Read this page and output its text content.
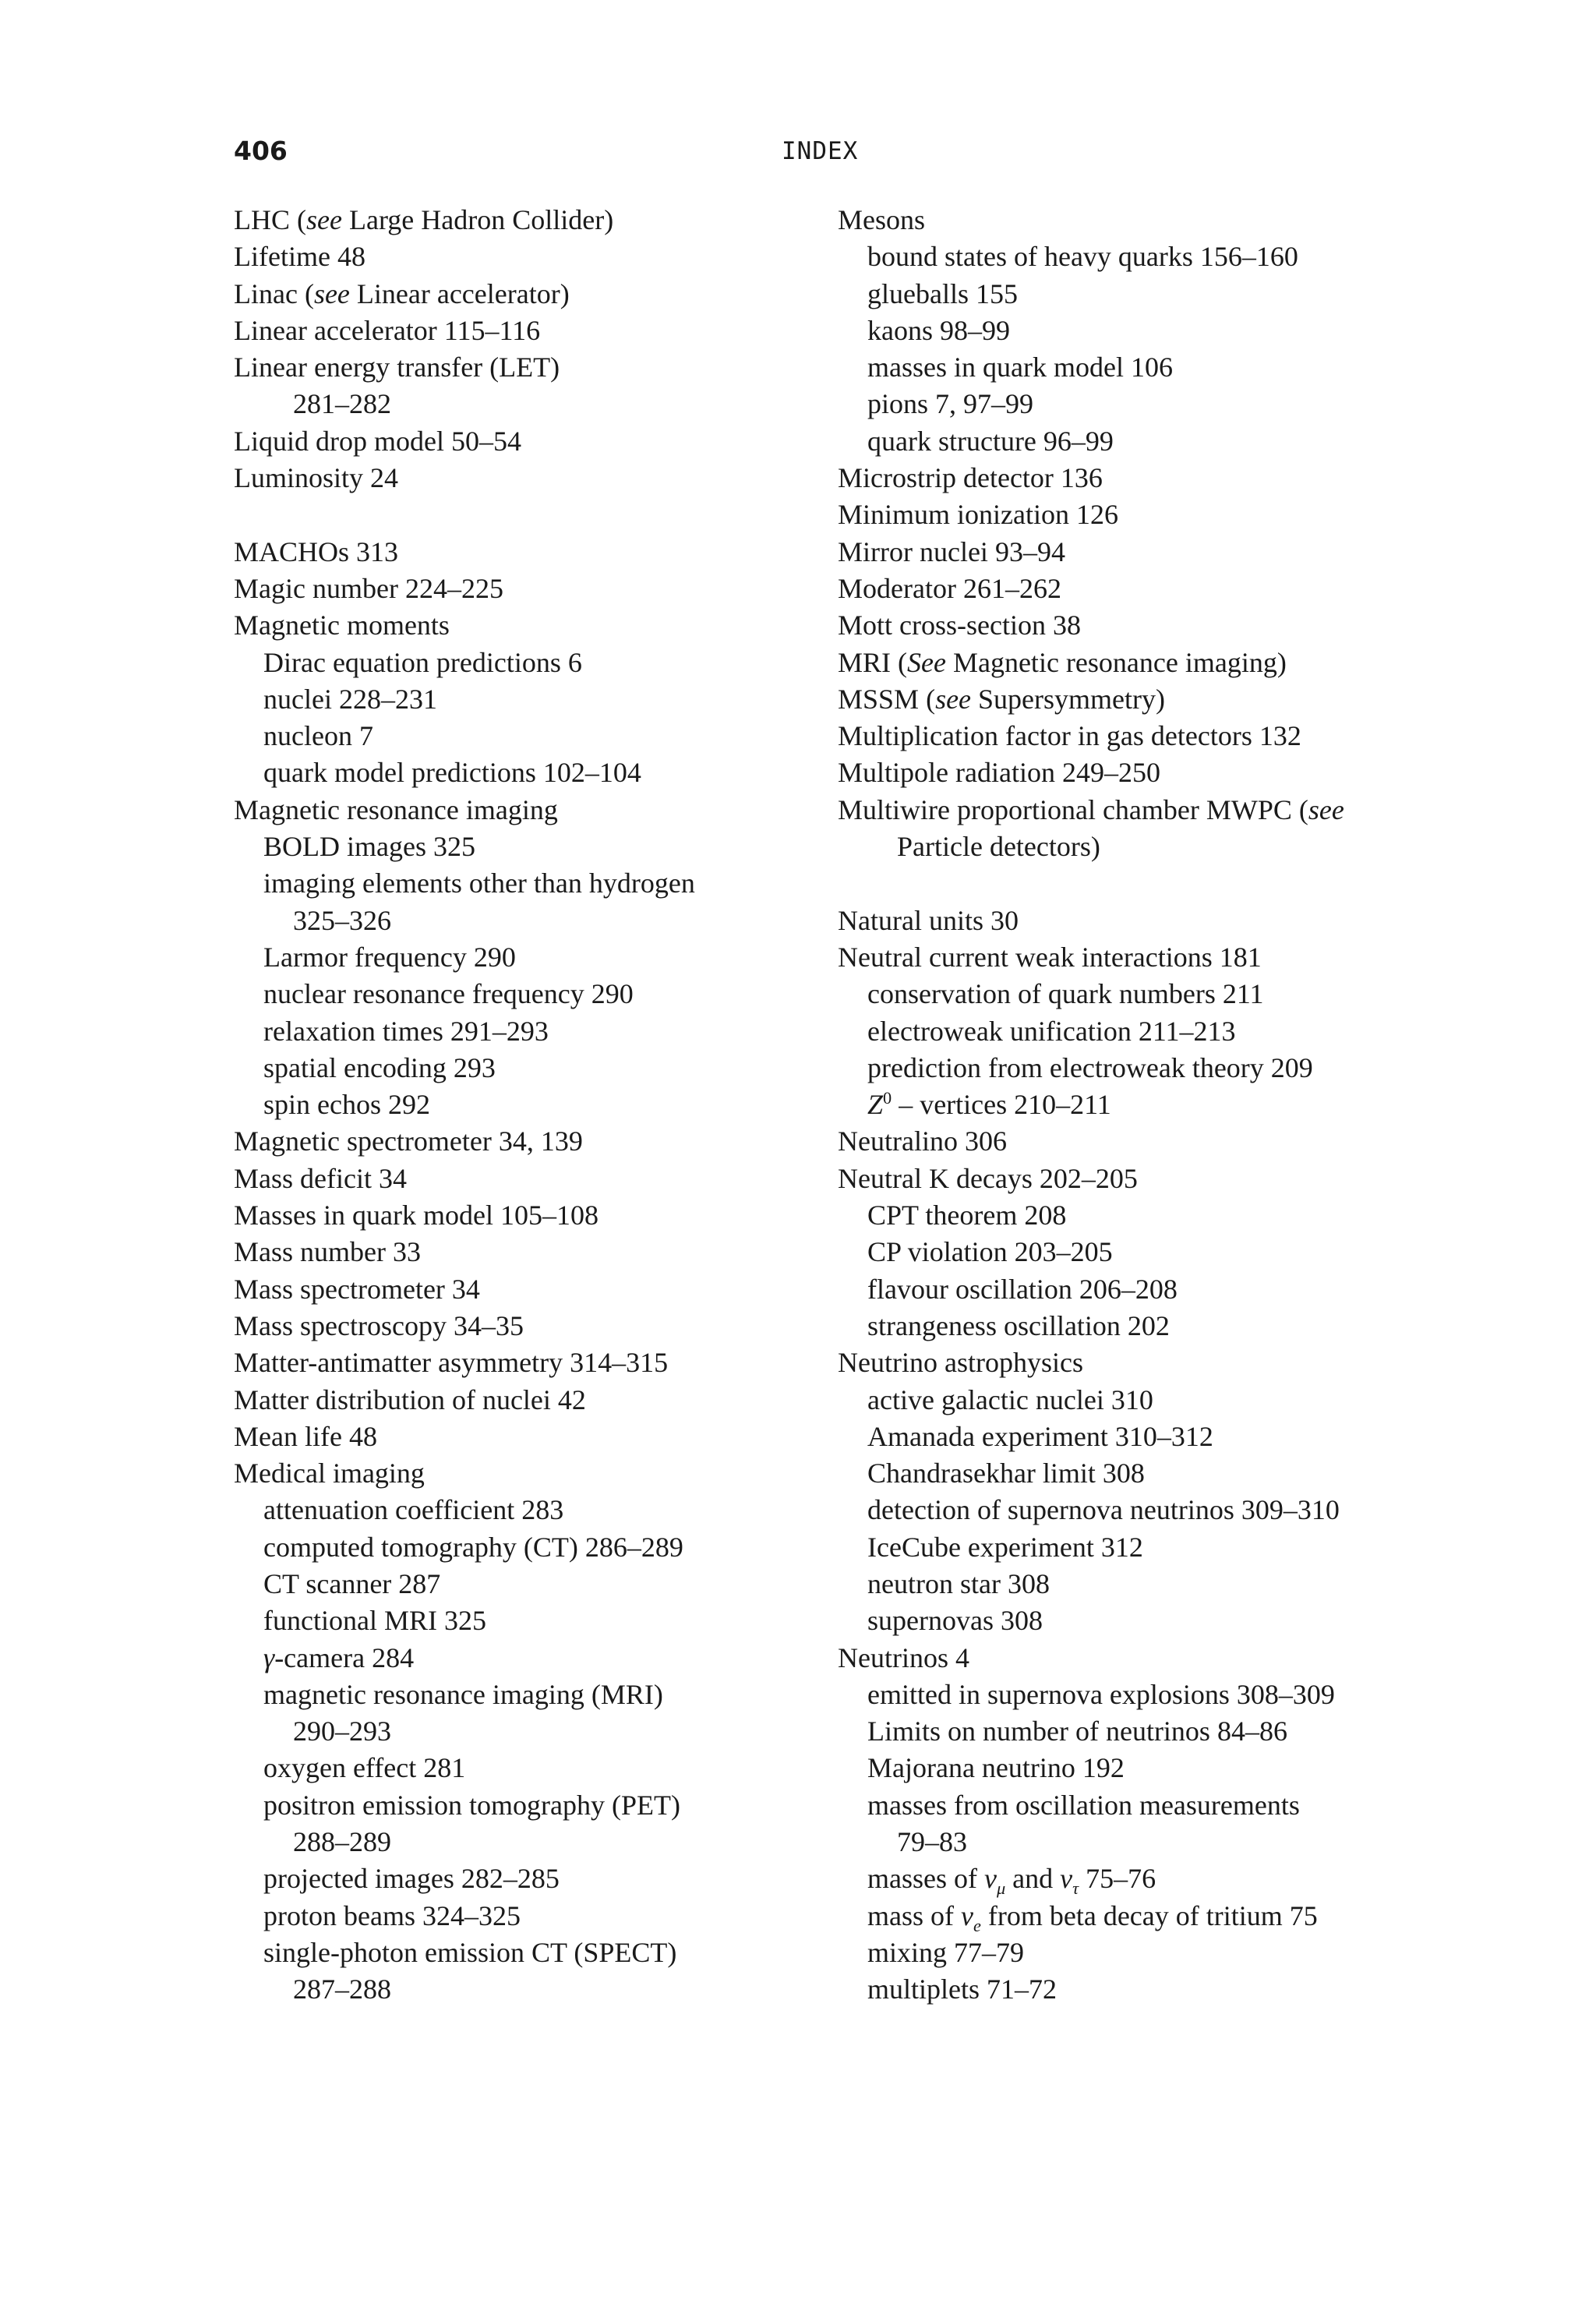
406	INDEX
LHC (see Large Hadron Collider)
Lifetime 48
Linac (see Linear accelerator)
Linear accelerator 115–116
Linear energy transfer (LET)
281–282
Liquid drop model 50–54
Luminosity 24
MACHOs 313
Magic number 224–225
Magnetic moments
Dirac equation predictions 6
nuclei 228–231
nucleon 7
quark model predictions 102–104
Magnetic resonance imaging
BOLD images 325
imaging elements other than hydrogen
325–326
Larmor frequency 290
nuclear resonance frequency 290
relaxation times 291–293
spatial encoding 293
spin echos 292
Magnetic spectrometer 34, 139
Mass deficit 34
Masses in quark model 105–108
Mass number 33
Mass spectrometer 34
Mass spectroscopy 34–35
Matter-antimatter asymmetry 314–315
Matter distribution of nuclei 42
Mean life 48
Medical imaging
attenuation coefficient 283
computed tomography (CT) 286–289
CT scanner 287
functional MRI 325
γ-camera 284
magnetic resonance imaging (MRI)
290–293
oxygen effect 281
positron emission tomography (PET)
288–289
projected images 282–285
proton beams 324–325
single-photon emission CT (SPECT)
287–288
Mesons
bound states of heavy quarks 156–160
glueballs 155
kaons 98–99
masses in quark model 106
pions 7, 97–99
quark structure 96–99
Microstrip detector 136
Minimum ionization 126
Mirror nuclei 93–94
Moderator 261–262
Mott cross-section 38
MRI (See Magnetic resonance imaging)
MSSM (see Supersymmetry)
Multiplication factor in gas detectors 132
Multipole radiation 249–250
Multiwire proportional chamber MWPC (see
Particle detectors)
Natural units 30
Neutral current weak interactions 181
conservation of quark numbers 211
electroweak unification 211–213
prediction from electroweak theory 209
$Z^0$ – vertices 210–211
Neutralino 306
Neutral K decays 202–205
CPT theorem 208
CP violation 203–205
flavour oscillation 206–208
strangeness oscillation 202
Neutrino astrophysics
active galactic nuclei 310
Amanada experiment 310–312
Chandrasekhar limit 308
detection of supernova neutrinos 309–310
IceCube experiment 312
neutron star 308
supernovas 308
Neutrinos 4
emitted in supernova explosions 308–309
Limits on number of neutrinos 84–86
Majorana neutrino 192
masses from oscillation measurements
79–83
masses of $\nu_\mu$ and $\nu_\tau$ 75–76
mass of $\nu_e$ from beta decay of tritium 75
mixing 77–79
multiplets 71–72
